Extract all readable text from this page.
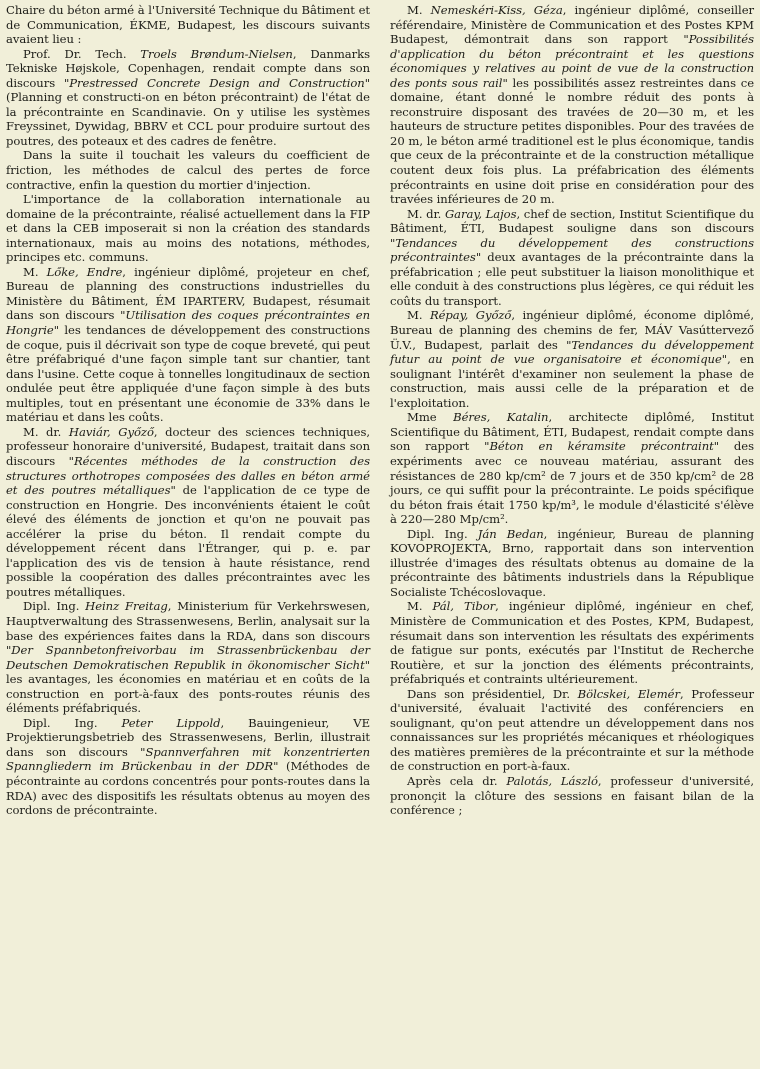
Chaire du béton armé à l'Université Technique du Bâtiment et de Communication, ÉKME, Budapest, les discours suivants avaient lieu :

Prof. Dr. Tech. Troels Brøndum-Nielsen, Danmarks Tekniske Højskole, Copenhagen, rendait compte dans son discours "Prestressed Concrete Design and Construction" (Planning et constructi-on en béton précontraint) de l'état de la précontrainte en Scandinavie. On y utilise les systèmes Freyssinet, Dywidag, BBRV et CCL pour produire surtout des poutres, des poteaux et des cadres de fenêtre.

Dans la suite il touchait les valeurs du coefficient de friction, les méthodes de calcul des pertes de force contractive, enfin la question du mortier d'injection.

L'importance de la collaboration internationale au domaine de la précontrainte, réalisé actuellement dans la FIP et dans la CEB imposerait si non la création des standards internationaux, mais au moins des notations, méthodes, principes etc. communs.

M. Lőke, Endre, ingénieur diplômé, projeteur en chef, Bureau de planning des constructions industrielles du Ministère du Bâtiment, ÉM IPARTERV, Budapest, résumait dans son discours "Utilisation des coques précontraintes en Hongrie" les tendances de développement des constructions de coque, puis il décrivait son type de coque breveté, qui peut être préfabriqué d'une façon simple tant sur chantier, tant dans l'usine. Cette coque à tonnelles longitudinaux de section ondulée peut être appliquée d'une façon simple à des buts multiples, tout en présentant une économie de 33% dans le matériau et dans les coûts.

M. dr. Haviár, Győző, docteur des sciences techniques, professeur honoraire d'université, Budapest, traitait dans son discours "Récentes méthodes de la construction des structures orthotropes composées des dalles en béton armé et des poutres métalliques" de l'application de ce type de construction en Hongrie. Des inconvénients étaient le coût élevé des éléments de jonction et qu'on ne pouvait pas accélérer la prise du béton. Il rendait compte du développement récent dans l'Étranger, qui p. e. par l'application des vis de tension à haute résistance, rend possible la coopération des dalles précontraintes avec les poutres métalliques.

Dipl. Ing. Heinz Freitag, Ministerium für Verkehrswesen, Hauptverwaltung des Strassenwesens, Berlin, analysait sur la base des expériences faites dans la RDA, dans son discours "Der Spannbetonfreivorbau im Strassenbrückenbau der Deutschen Demokratischen Republik in ökonomischer Sicht" les avantages, les économies en matériau et en coûts de la construction en port-à-faux des ponts-routes réunis des éléments préfabriqués.

Dipl. Ing. Peter Lippold, Bauingenieur, VE Projektierungsbetrieb des Strassenwesens, Berlin, illustrait dans son discours "Spannverfahren mit konzentrierten Spanngliedern im Brückenbau in der DDR" (Méthodes de pécontrainte au cordons concentrés pour ponts-routes dans la RDA) avec des dispositifs les résultats obtenus au moyen des cordons de précontrainte.

M. Nemeskéri-Kiss, Géza, ingénieur diplômé, conseiller référendaire, Ministère de Communication et des Postes KPM Budapest, démontrait dans son rapport "Possibilités d'application du béton précontraint et les questions économiques y relatives au point de vue de la construction des ponts sous rail" les possibilités assez restreintes dans ce domaine, étant donné le nombre réduit des ponts à reconstruire disposant des travées de 20—30 m, et les hauteurs de structure petites disponibles. Pour des travées de 20 m, le béton armé traditionel est le plus économique, tandis que ceux de la précontrainte et de la construction métallique coutent deux fois plus. La préfabrication des éléments précontraints en usine doit prise en considération pour des travées inférieures de 20 m.

M. dr. Garay, Lajos, chef de section, Institut Scientifique du Bâtiment, ÉTI, Budapest souligne dans son discours "Tendances du développement des constructions précontraintes" deux avantages de la précontrainte dans la préfabrication ; elle peut substituer la liaison monolithique et elle conduit à des constructions plus légères, ce qui réduit les coûts du transport.

M. Répay, Győző, ingénieur diplômé, économe diplômé, Bureau de planning des chemins de fer, MÁV Vasúttervező Ü.V., Budapest, parlait des "Tendances du développement futur au point de vue organisatoire et économique", en soulignant l'intérêt d'examiner non seulement la phase de construction, mais aussi celle de la préparation et de l'exploitation.

Mme Béres, Katalin, architecte diplômé, Institut Scientifique du Bâtiment, ÉTI, Budapest, rendait compte dans son rapport "Béton en kéramsite précontraint" des expériments avec ce nouveau matériau, assurant des résistances de 280 kp/cm² de 7 jours et de 350 kp/cm² de 28 jours, ce qui suffit pour la précontrainte. Le poids spécifique du béton frais était 1750 kp/m³, le module d'élasticité s'élève à 220—280 Mp/cm².

Dipl. Ing. Ján Bedan, ingénieur, Bureau de planning KOVOPROJEKTA, Brno, rapportait dans son intervention illustrée d'images des résultats obtenus au domaine de la précontrainte des bâtiments industriels dans la République Socialiste Tchécoslovaque.

M. Pál, Tibor, ingénieur diplômé, ingénieur en chef, Ministère de Communication et des Postes, KPM, Budapest, résumait dans son intervention les résultats des expériments de fatigue sur ponts, exécutés par l'Institut de Recherche Routière, et sur la jonction des éléments précontraints, préfabriqués et contraints ultérieurement.

Dans son présidentiel, Dr. Bölcskei, Elemér, Professeur d'université, évaluait l'activité des conférenciers en soulignant, qu'on peut attendre un développement dans nos connaissances sur les propriétés mécaniques et rhéologiques des matières premières de la précontrainte et sur la méthode de construction en port-à-faux.

Après cela dr. Palotás, László, professeur d'université, prononçit la clôture des sessions en faisant bilan de la conférence ;
